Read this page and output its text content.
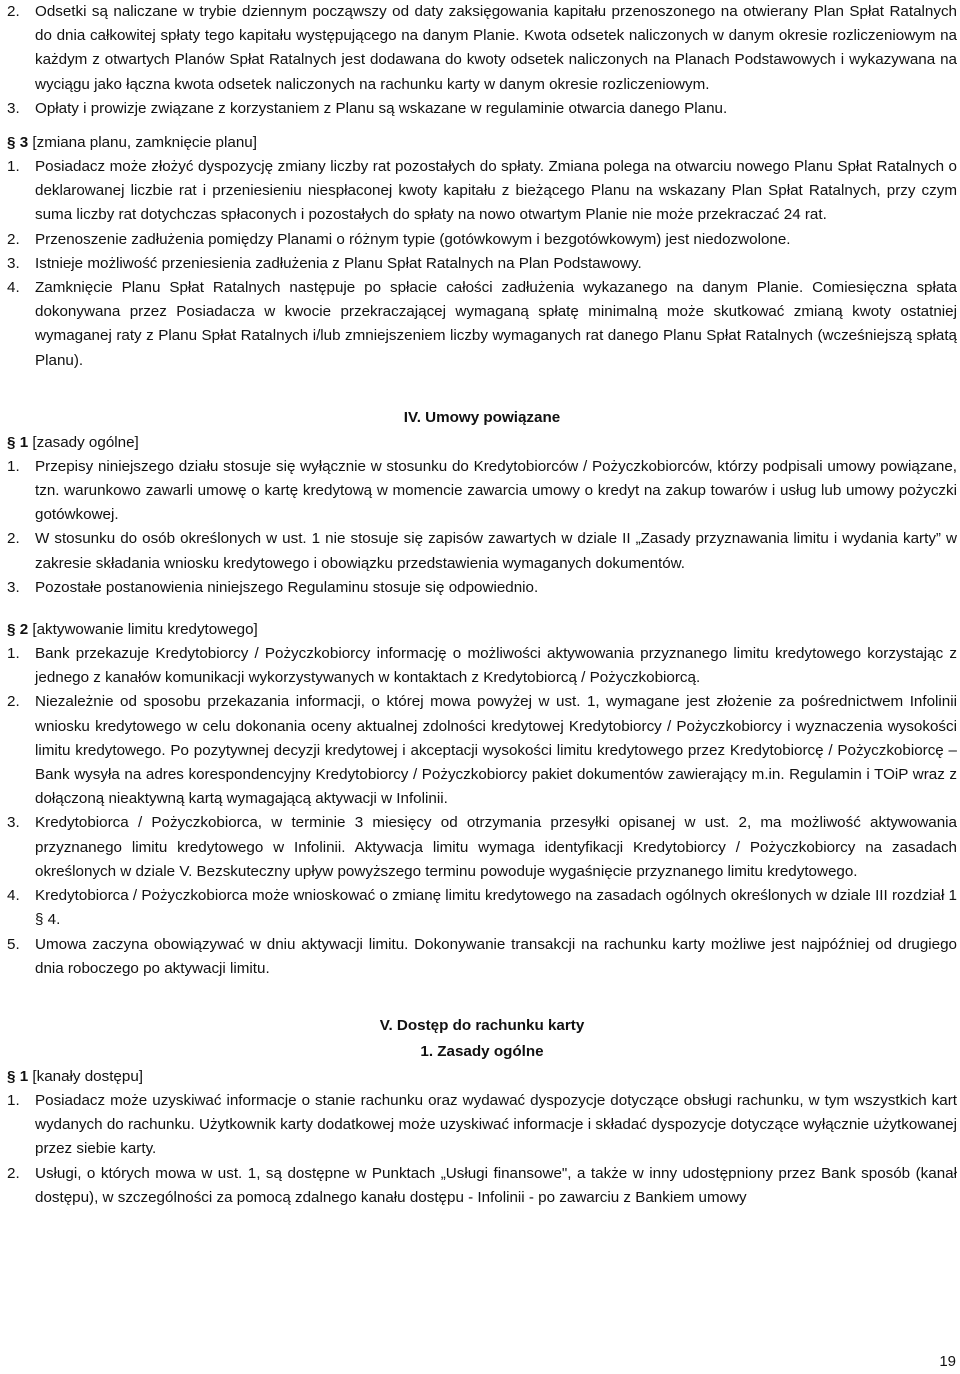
2. Odsetki są naliczane w trybie dziennym począwszy od daty zaksięgowania kapitału przenoszonego na otwierany Plan Spłat Ratalnych do dnia całkowitej spłaty tego kapitału występującego na danym Planie. Kwota odsetek naliczonych w danym okresie rozliczeniowym na każdym z otwartych Planów Spłat Ratalnych jest dodawana do kwoty odsetek naliczonych na Planach Podstawowych i wykazywana na wyciągu jako łączna kwota odsetek naliczonych na rachunku karty w danym okresie rozliczeniowym.
3. Opłaty i prowizje związane z korzystaniem z Planu są wskazane w regulaminie otwarcia danego Planu.

§ 3 [zmiana planu, zamknięcie planu]

1. Posiadacz może złożyć dyspozycję zmiany liczby rat pozostałych do spłaty. Zmiana polega na otwarciu nowego Planu Spłat Ratalnych o deklarowanej liczbie rat i przeniesieniu niespłaconej kwoty kapitału z bieżącego Planu na wskazany Plan Spłat Ratalnych, przy czym suma liczby rat dotychczas spłaconych i pozostałych do spłaty na nowo otwartym Planie nie może przekraczać 24 rat.
2. Przenoszenie zadłużenia pomiędzy Planami o różnym typie (gotówkowym i bezgotówkowym) jest niedozwolone.
3. Istnieje możliwość przeniesienia zadłużenia z Planu Spłat Ratalnych na Plan Podstawowy.
4. Zamknięcie Planu Spłat Ratalnych następuje po spłacie całości zadłużenia wykazanego na danym Planie. Comiesięczna spłata dokonywana przez Posiadacza w kwocie przekraczającej wymaganą spłatę minimalną może skutkować zmianą kwoty ostatniej wymaganej raty z Planu Spłat Ratalnych i/lub zmniejszeniem liczby wymaganych rat danego Planu Spłat Ratalnych (wcześniejszą spłatą Planu).

IV. Umowy powiązane

§ 1 [zasady ogólne]

1. Przepisy niniejszego działu stosuje się wyłącznie w stosunku do Kredytobiorców / Pożyczkobiorców, którzy podpisali umowy powiązane, tzn. warunkowo zawarli umowę o kartę kredytową w momencie zawarcia umowy o kredyt na zakup towarów i usług lub umowy pożyczki gotówkowej.
2. W stosunku do osób określonych w ust. 1 nie stosuje się zapisów zawartych w dziale II „Zasady przyznawania limitu i wydania karty” w zakresie składania wniosku kredytowego i obowiązku przedstawienia wymaganych dokumentów.
3. Pozostałe postanowienia niniejszego Regulaminu stosuje się odpowiednio.

§ 2 [aktywowanie limitu kredytowego]

1. Bank przekazuje Kredytobiorcy / Pożyczkobiorcy informację o możliwości aktywowania przyznanego limitu kredytowego korzystając z jednego z kanałów komunikacji wykorzystywanych w kontaktach z Kredytobiorcą / Pożyczkobiorcą.
2. Niezależnie od sposobu przekazania informacji, o której mowa powyżej w ust. 1, wymagane jest złożenie za pośrednictwem Infolinii wniosku kredytowego w celu dokonania oceny aktualnej zdolności kredytowej Kredytobiorcy / Pożyczkobiorcy i wyznaczenia wysokości limitu kredytowego. Po pozytywnej decyzji kredytowej i akceptacji wysokości limitu kredytowego przez Kredytobiorcę / Pożyczkobiorcę – Bank wysyła na adres korespondencyjny Kredytobiorcy / Pożyczkobiorcy pakiet dokumentów zawierający m.in. Regulamin i TOiP wraz z dołączoną nieaktywną kartą wymagającą aktywacji w Infolinii.
3. Kredytobiorca / Pożyczkobiorca, w terminie 3 miesięcy od otrzymania przesyłki opisanej w ust. 2, ma możliwość aktywowania przyznanego limitu kredytowego w Infolinii. Aktywacja limitu wymaga identyfikacji Kredytobiorcy / Pożyczkobiorcy na zasadach określonych w dziale V. Bezskuteczny upływ powyższego terminu powoduje wygaśnięcie przyznanego limitu kredytowego.
4. Kredytobiorca / Pożyczkobiorca może wnioskować o zmianę limitu kredytowego na zasadach ogólnych określonych w dziale III rozdział 1 § 4.
5. Umowa zaczyna obowiązywać w dniu aktywacji limitu. Dokonywanie transakcji na rachunku karty możliwe jest najpóźniej od drugiego dnia roboczego po aktywacji limitu.

V. Dostęp do rachunku karty

1. Zasady ogólne

§ 1 [kanały dostępu]

1. Posiadacz może uzyskiwać informacje o stanie rachunku oraz wydawać dyspozycje dotyczące obsługi rachunku, w tym wszystkich kart wydanych do rachunku. Użytkownik karty dodatkowej może uzyskiwać informacje i składać dyspozycje dotyczące wyłącznie użytkowanej przez siebie karty.
2. Usługi, o których mowa w ust. 1, są dostępne w Punktach „Usługi finansowe", a także w inny udostępniony przez Bank sposób (kanał dostępu), w szczególności za pomocą zdalnego kanału dostępu - Infolinii - po zawarciu z Bankiem umowy
19
